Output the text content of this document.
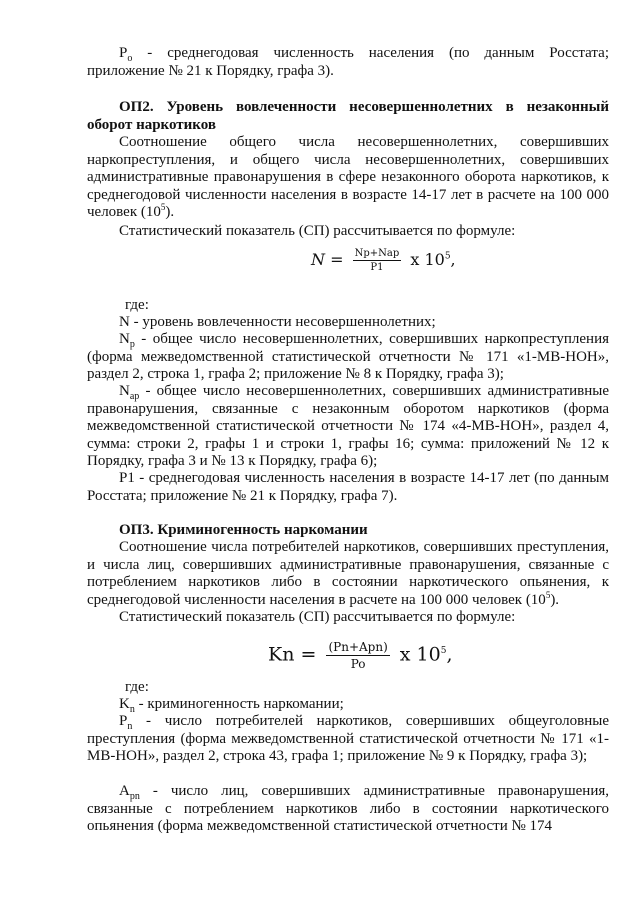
$P_o$ - среднегодовая численность населения (по данным Росстата; приложение № 21 к Порядку, графа 3).
ОП2. Уровень вовлеченности несовершеннолетних в незаконный оборот наркотиков
Соотношение общего числа несовершеннолетних, совершивших наркопреступления, и общего числа несовершеннолетних, совершивших административные правонарушения в сфере незаконного оборота наркотиков, к среднегодовой численности населения в возрасте 14-17 лет в расчете на 100 000 человек $(10^5)$.
Статистический показатель (СП) рассчитывается по формуле:
$N = \frac{\text{Np+Nap}}{P1}$ x $10^5$,
где:
N - уровень вовлеченности несовершеннолетних;
$N_p$ - общее число несовершеннолетних, совершивших наркопреступления (форма межведомственной статистической отчетности № 171 «1-МВ-НОН», раздел 2, строка 1, графа 2; приложение № 8 к Порядку, графа 3);
$N_{ap}$ - общее число несовершеннолетних, совершивших административные правонарушения, связанные с незаконным оборотом наркотиков (форма межведомственной статистической отчетности № 174 «4-МВ-НОН», раздел 4, сумма: строки 2, графы 1 и строки 1, графы 16; сумма: приложений № 12 к Порядку, графа 3 и № 13 к Порядку, графа 6);
P1 - среднегодовая численность населения в возрасте 14-17 лет (по данным Росстата; приложение № 21 к Порядку, графа 7).
ОП3. Криминогенность наркомании
Соотношение числа потребителей наркотиков, совершивших преступления, и числа лиц, совершивших административные правонарушения, связанные с потреблением наркотиков либо в состоянии наркотического опьянения, к среднегодовой численности населения в расчете на 100 000 человек $(10^5)$.
Статистический показатель (СП) рассчитывается по формуле:
$Kn = \frac{\text{(Pn+Apn)}}{Po}$ x $10^5$,
где:
$K_n$ - криминогенность наркомании;
$P_n$ - число потребителей наркотиков, совершивших общеуголовные преступления (форма межведомственной статистической отчетности № 171 «1-МВ-НОН», раздел 2, строка 43, графа 1; приложение № 9 к Порядку, графа 3);
$A_{pn}$ - число лиц, совершивших административные правонарушения, связанные с потреблением наркотиков либо в состоянии наркотического опьянения (форма межведомственной статистической отчетности № 174
